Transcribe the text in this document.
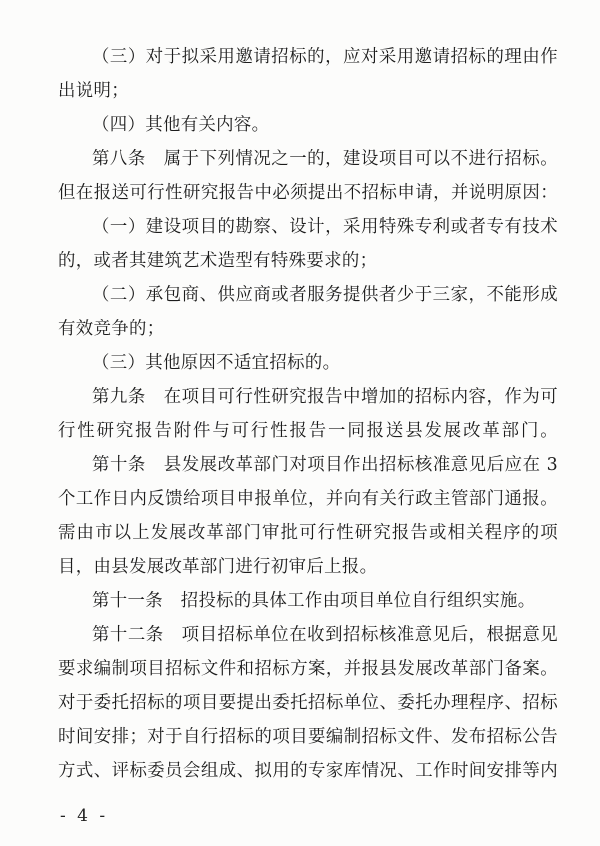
（三）对于拟采用邀请招标的，应对采用邀请招标的理由作
出说明；
（四）其他有关内容。
第八条　属于下列情况之一的，建设项目可以不进行招标。
但在报送可行性研究报告中必须提出不招标申请，并说明原因：
（一）建设项目的勘察、设计，采用特殊专利或者专有技术
的，或者其建筑艺术造型有特殊要求的；
（二）承包商、供应商或者服务提供者少于三家，不能形成
有效竞争的；
（三）其他原因不适宜招标的。
第九条　在项目可行性研究报告中增加的招标内容，作为可
行性研究报告附件与可行性报告一同报送县发展改革部门。
第十条　县发展改革部门对项目作出招标核准意见后应在 3
个工作日内反馈给项目申报单位，并向有关行政主管部门通报。
需由市以上发展改革部门审批可行性研究报告或相关程序的项
目，由县发展改革部门进行初审后上报。
第十一条　招投标的具体工作由项目单位自行组织实施。
第十二条　项目招标单位在收到招标核准意见后，根据意见
要求编制项目招标文件和招标方案，并报县发展改革部门备案。
对于委托招标的项目要提出委托招标单位、委托办理程序、招标
时间安排；对于自行招标的项目要编制招标文件、发布招标公告
方式、评标委员会组成、拟用的专家库情况、工作时间安排等内
- 4 -
